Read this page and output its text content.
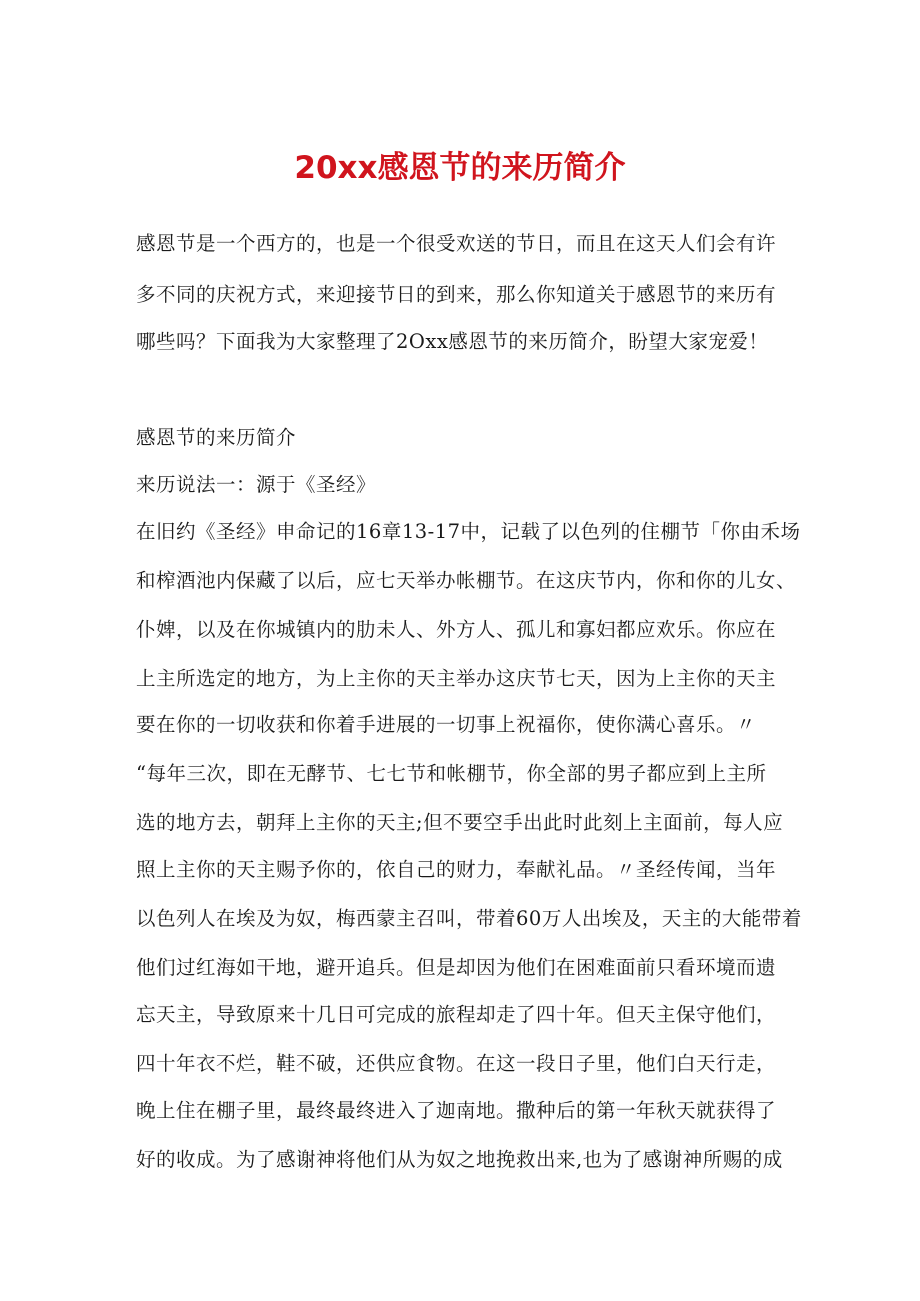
20xx感恩节的来历简介

感恩节是一个西方的，也是一个很受欢送的节日，而且在这天人们会有许

多不同的庆祝方式，来迎接节日的到来，那么你知道关于感恩节的来历有

哪些吗？下面我为大家整理了2Oxx感恩节的来历简介，盼望大家宠爱！

感恩节的来历简介

来历说法一：源于《圣经》

在旧约《圣经》申命记的16章13-17中，记载了以色列的住棚节「你由禾场

和榨酒池内保藏了以后，应七天举办帐棚节。在这庆节内，你和你的儿女、

仆婢，以及在你城镇内的肋未人、外方人、孤儿和寡妇都应欢乐。你应在

上主所选定的地方，为上主你的天主举办这庆节七天，因为上主你的天主

要在你的一切收获和你着手进展的一切事上祝福你，使你满心喜乐。〃

“每年三次，即在无酵节、七七节和帐棚节，你全部的男子都应到上主所

选的地方去，朝拜上主你的天主;但不要空手出此时此刻上主面前，每人应

照上主你的天主赐予你的，依自己的财力，奉献礼品。〃圣经传闻，当年

以色列人在埃及为奴，梅西蒙主召叫，带着60万人出埃及，天主的大能带着

他们过红海如干地，避开追兵。但是却因为他们在困难面前只看环境而遗

忘天主，导致原来十几日可完成的旅程却走了四十年。但天主保守他们，

四十年衣不烂，鞋不破，还供应食物。在这一段日子里，他们白天行走，

晚上住在棚子里，最终最终进入了迦南地。撒种后的第一年秋天就获得了

好的收成。为了感谢神将他们从为奴之地挽救出来,也为了感谢神所赐的成
